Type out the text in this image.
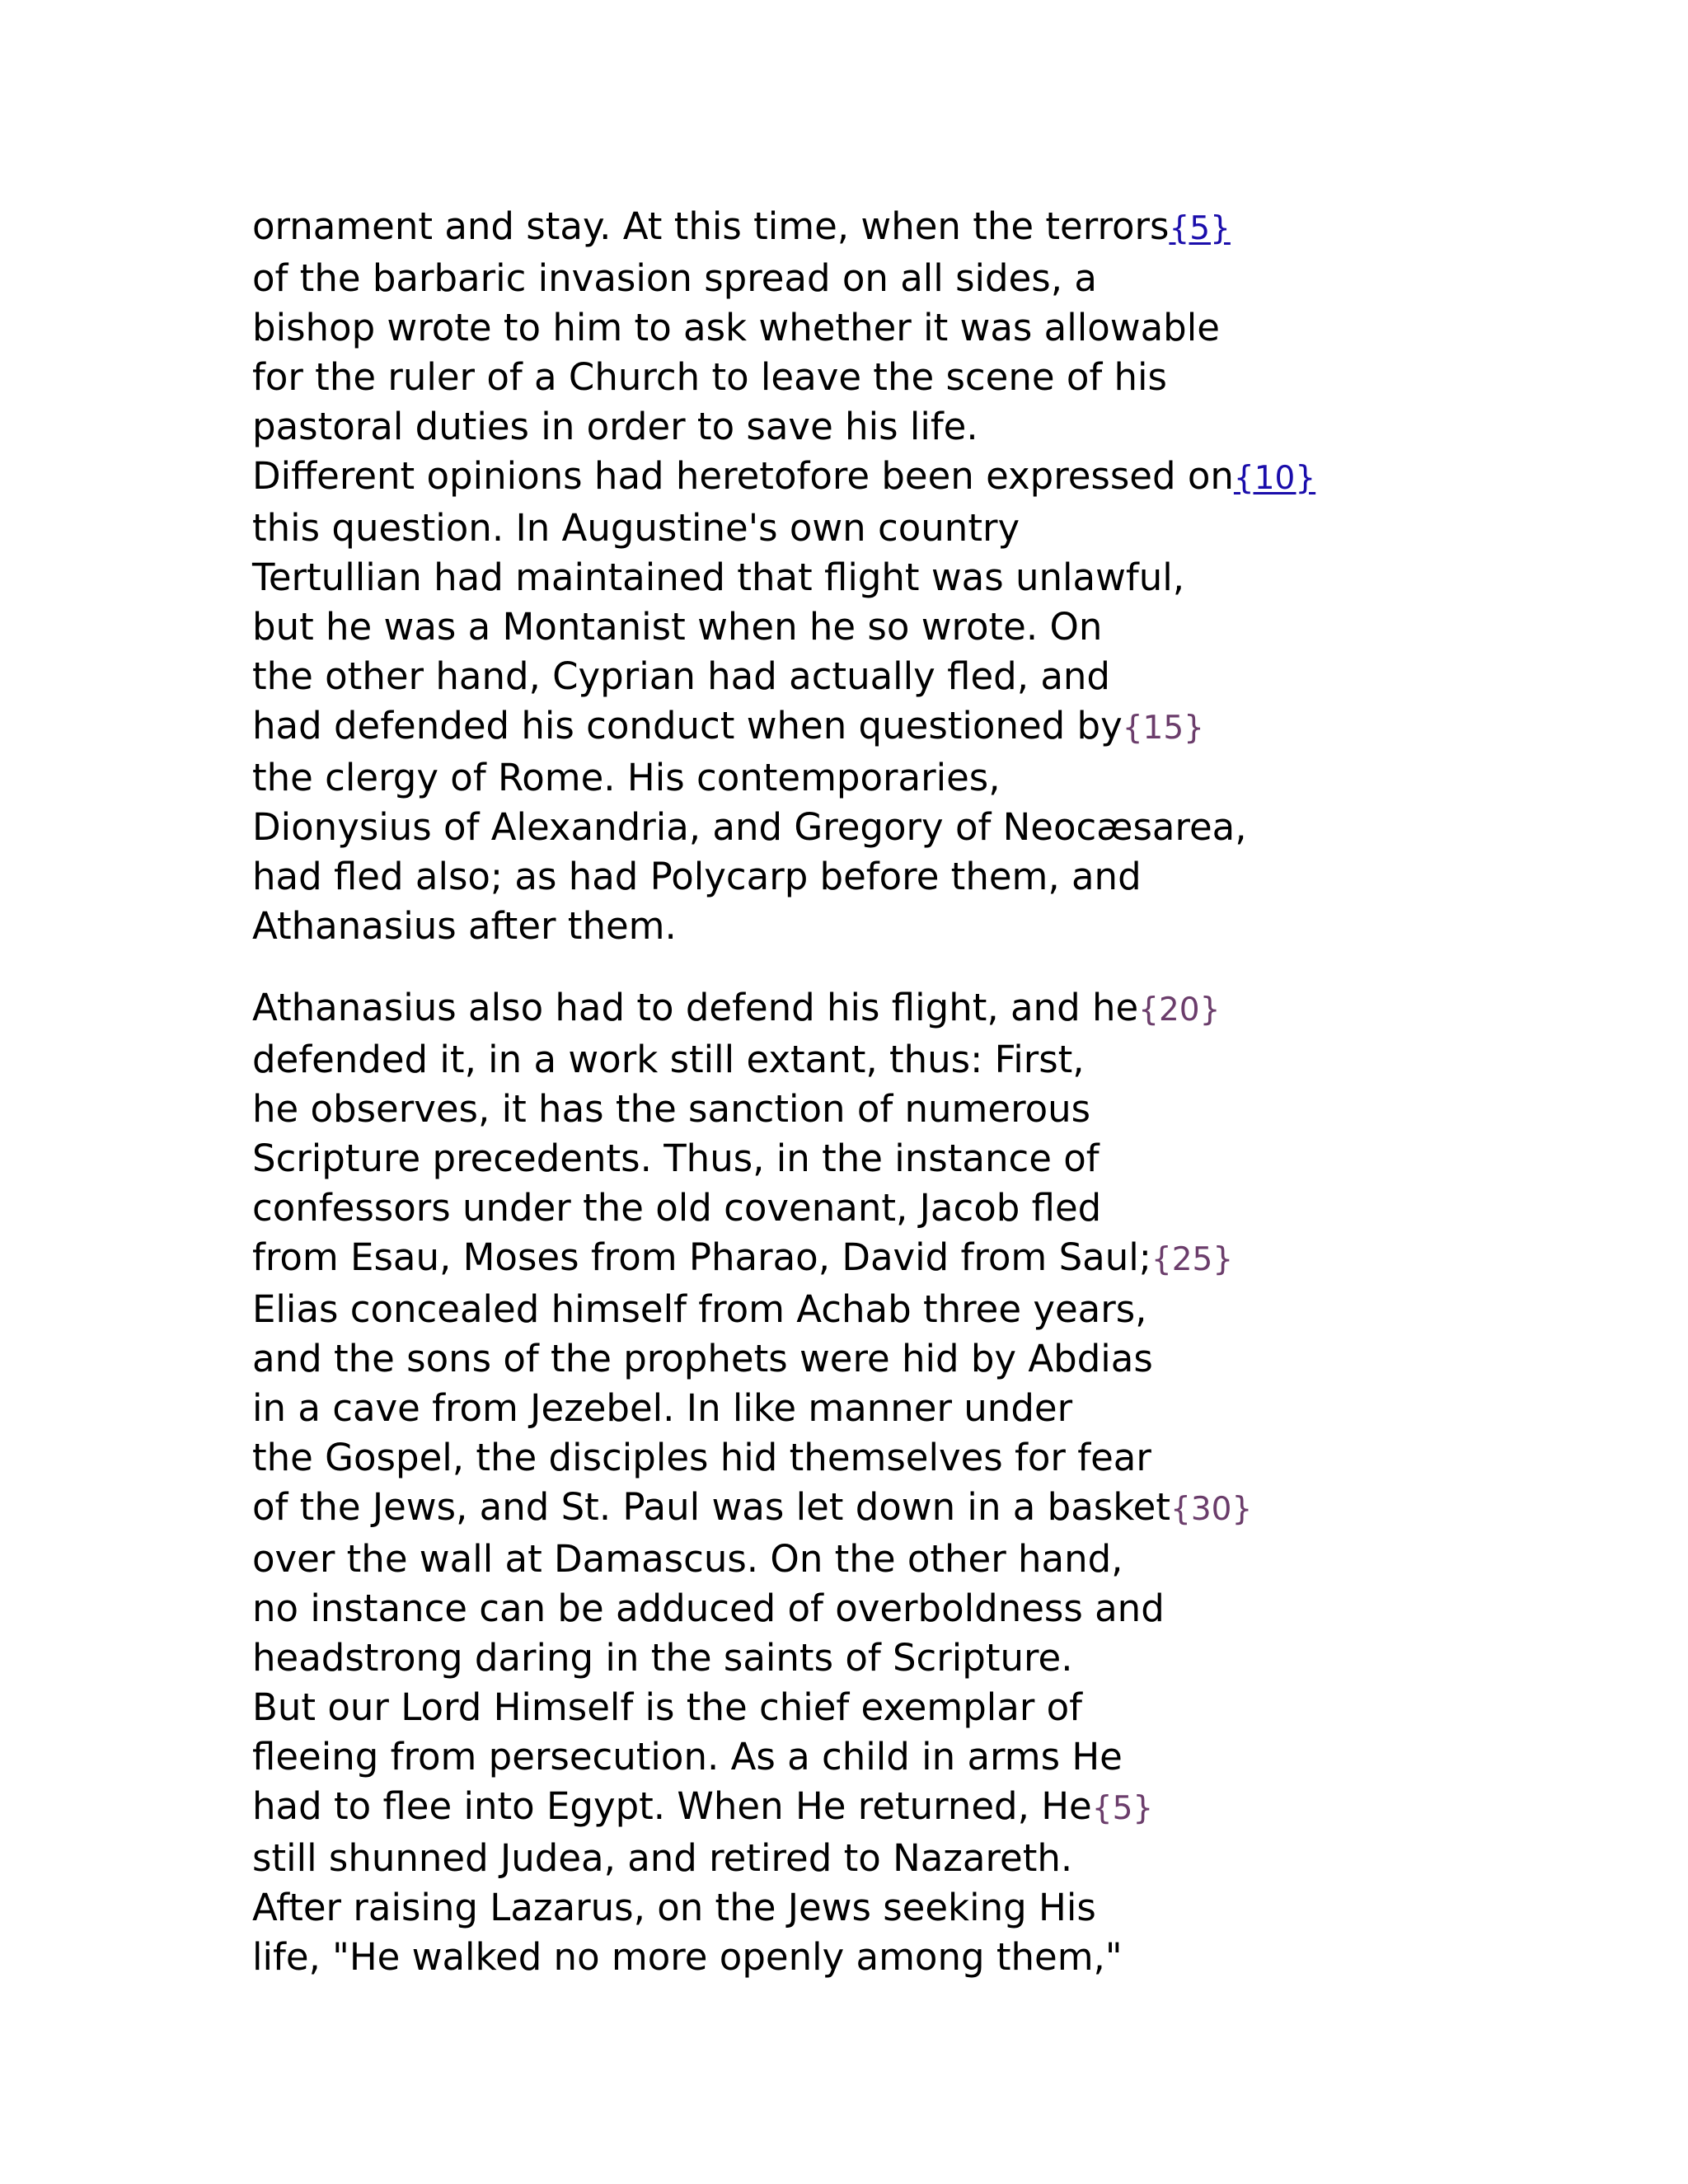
ornament and stay. At this time, when the terrors{5}
of the barbaric invasion spread on all sides, a
bishop wrote to him to ask whether it was allowable
for the ruler of a Church to leave the scene of his
pastoral duties in order to save his life.
Different opinions had heretofore been expressed on{10}
this question. In Augustine's own country
Tertullian had maintained that flight was unlawful,
but he was a Montanist when he so wrote. On
the other hand, Cyprian had actually fled, and
had defended his conduct when questioned by{15}
the clergy of Rome. His contemporaries,
Dionysius of Alexandria, and Gregory of Neocæsarea,
had fled also; as had Polycarp before them, and
Athanasius after them.

Athanasius also had to defend his flight, and he{20}
defended it, in a work still extant, thus: First,
he observes, it has the sanction of numerous
Scripture precedents. Thus, in the instance of
confessors under the old covenant, Jacob fled
from Esau, Moses from Pharao, David from Saul;{25}
Elias concealed himself from Achab three years,
and the sons of the prophets were hid by Abdias
in a cave from Jezebel. In like manner under
the Gospel, the disciples hid themselves for fear
of the Jews, and St. Paul was let down in a basket{30}
over the wall at Damascus. On the other hand,
no instance can be adduced of overboldness and
headstrong daring in the saints of Scripture.
But our Lord Himself is the chief exemplar of
fleeing from persecution. As a child in arms He
had to flee into Egypt. When He returned, He{5}
still shunned Judea, and retired to Nazareth.
After raising Lazarus, on the Jews seeking His
life, "He walked no more openly among them,"
